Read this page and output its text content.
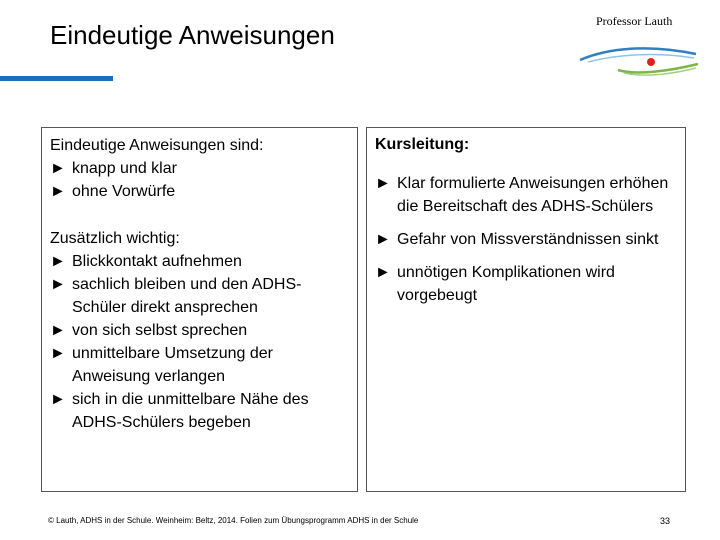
Eindeutige Anweisungen	Professor Lauth
Eindeutige Anweisungen sind:
► knapp und klar
► ohne Vorwürfe
Zusätzlich wichtig:
► Blickkontakt aufnehmen
► sachlich bleiben und den ADHS-Schüler direkt ansprechen
► von sich selbst sprechen
► unmittelbare Umsetzung der Anweisung verlangen
► sich in die unmittelbare Nähe des ADHS-Schülers begeben
Kursleitung:
► Klar formulierte Anweisungen erhöhen die Bereitschaft des ADHS-Schülers
► Gefahr von Missverständnissen sinkt
► unnötigen Komplikationen wird vorgebeugt
© Lauth, ADHS in der Schule. Weinheim: Beltz, 2014. Folien zum Übungsprogramm ADHS in der Schule	33
